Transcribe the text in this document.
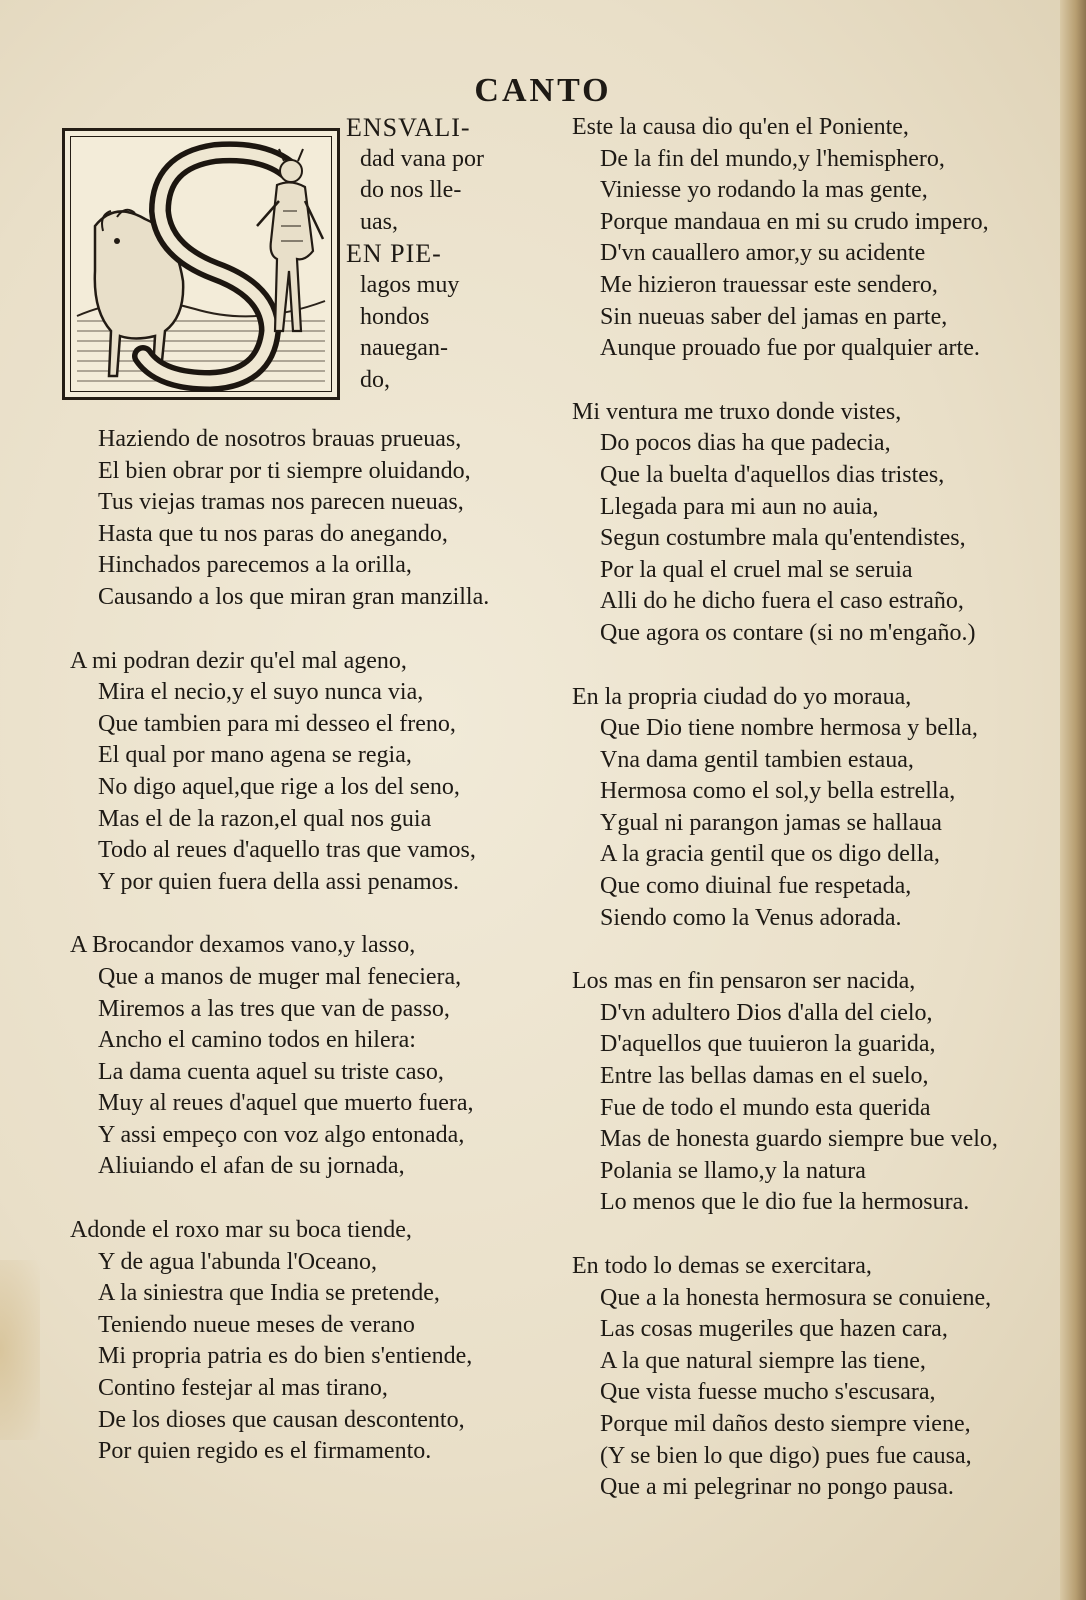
CANTO
ENSVALI-
dad vana por
do nos lle-
uas,
EN PIE-
lagos muy
hondos
nauegan-
do,
Haziendo de nosotros brauas prueuas,
El bien obrar por ti siempre oluidando,
Tus viejas tramas nos parecen nueuas,
Hasta que tu nos paras do anegando,
Hinchados parecemos a la orilla,
Causando a los que miran gran manzilla.
A mi podran dezir qu'el mal ageno,
Mira el necio,y el suyo nunca via,
Que tambien para mi desseo el freno,
El qual por mano agena se regia,
No digo aquel,que rige a los del seno,
Mas el de la razon,el qual nos guia
Todo al reues d'aquello tras que vamos,
Y por quien fuera della assi penamos.
A Brocandor dexamos vano,y lasso,
Que a manos de muger mal feneciera,
Miremos a las tres que van de passo,
Ancho el camino todos en hilera:
La dama cuenta aquel su triste caso,
Muy al reues d'aquel que muerto fuera,
Y assi empeço con voz algo entonada,
Aliuiando el afan de su jornada,
Adonde el roxo mar su boca tiende,
Y de agua l'abunda l'Oceano,
A la siniestra que India se pretende,
Teniendo nueue meses de verano
Mi propria patria es do bien s'entiende,
Contino festejar al mas tirano,
De los dioses que causan descontento,
Por quien regido es el firmamento.
Este la causa dio qu'en el Poniente,
De la fin del mundo,y l'hemisphero,
Viniesse yo rodando la mas gente,
Porque mandaua en mi su crudo impero,
D'vn cauallero amor,y su acidente
Me hizieron trauessar este sendero,
Sin nueuas saber del jamas en parte,
Aunque prouado fue por qualquier arte.
Mi ventura me truxo donde vistes,
Do pocos dias ha que padecia,
Que la buelta d'aquellos dias tristes,
Llegada para mi aun no auia,
Segun costumbre mala qu'entendistes,
Por la qual el cruel mal se seruia
Alli do he dicho fuera el caso estraño,
Que agora os contare (si no m'engaño.)
En la propria ciudad do yo moraua,
Que Dio tiene nombre hermosa y bella,
Vna dama gentil tambien estaua,
Hermosa como el sol,y bella estrella,
Ygual ni parangon jamas se hallaua
A la gracia gentil que os digo della,
Que como diuinal fue respetada,
Siendo como la Venus adorada.
Los mas en fin pensaron ser nacida,
D'vn adultero Dios d'alla del cielo,
D'aquellos que tuuieron la guarida,
Entre las bellas damas en el suelo,
Fue de todo el mundo esta querida
Mas de honesta guardo siempre bue velo,
Polania se llamo,y la natura
Lo menos que le dio fue la hermosura.
En todo lo demas se exercitara,
Que a la honesta hermosura se conuiene,
Las cosas mugeriles que hazen cara,
A la que natural siempre las tiene,
Que vista fuesse mucho s'escusara,
Porque mil daños desto siempre viene,
(Y se bien lo que digo) pues fue causa,
Que a mi pelegrinar no pongo pausa.
